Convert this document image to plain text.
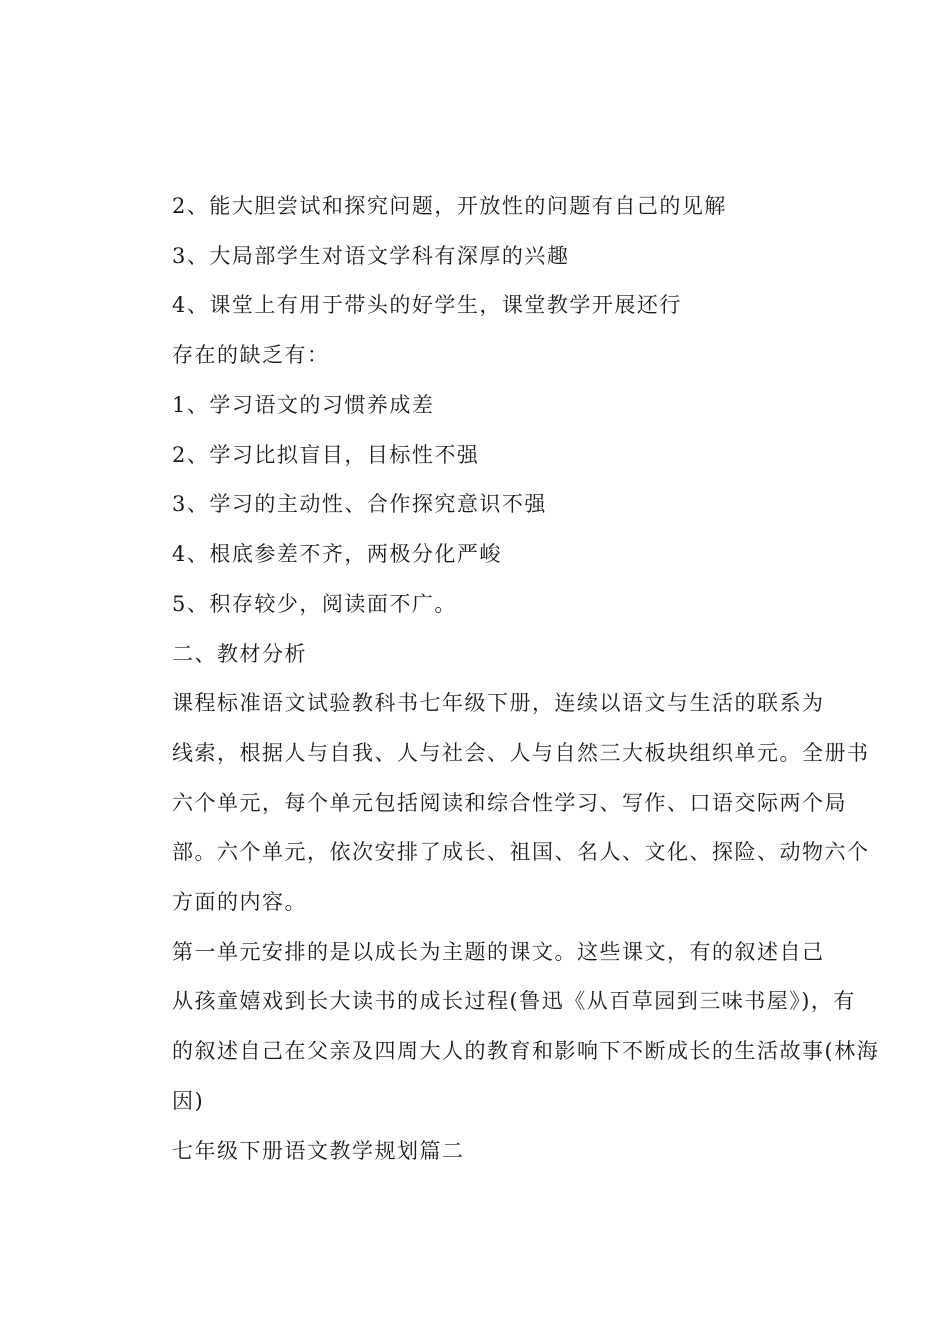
2、能大胆尝试和探究问题，开放性的问题有自己的见解
3、大局部学生对语文学科有深厚的兴趣
4、课堂上有用于带头的好学生，课堂教学开展还行
存在的缺乏有：
1、学习语文的习惯养成差
2、学习比拟盲目，目标性不强
3、学习的主动性、合作探究意识不强
4、根底参差不齐，两极分化严峻
5、积存较少，阅读面不广。
二、教材分析
课程标准语文试验教科书七年级下册，连续以语文与生活的联系为
线索，根据人与自我、人与社会、人与自然三大板块组织单元。全册书
六个单元，每个单元包括阅读和综合性学习、写作、口语交际两个局
部。六个单元，依次安排了成长、祖国、名人、文化、探险、动物六个
方面的内容。
第一单元安排的是以成长为主题的课文。这些课文，有的叙述自己
从孩童嬉戏到长大读书的成长过程(鲁迅《从百草园到三味书屋》)，有
的叙述自己在父亲及四周大人的教育和影响下不断成长的生活故事(林海
因)
七年级下册语文教学规划篇二
